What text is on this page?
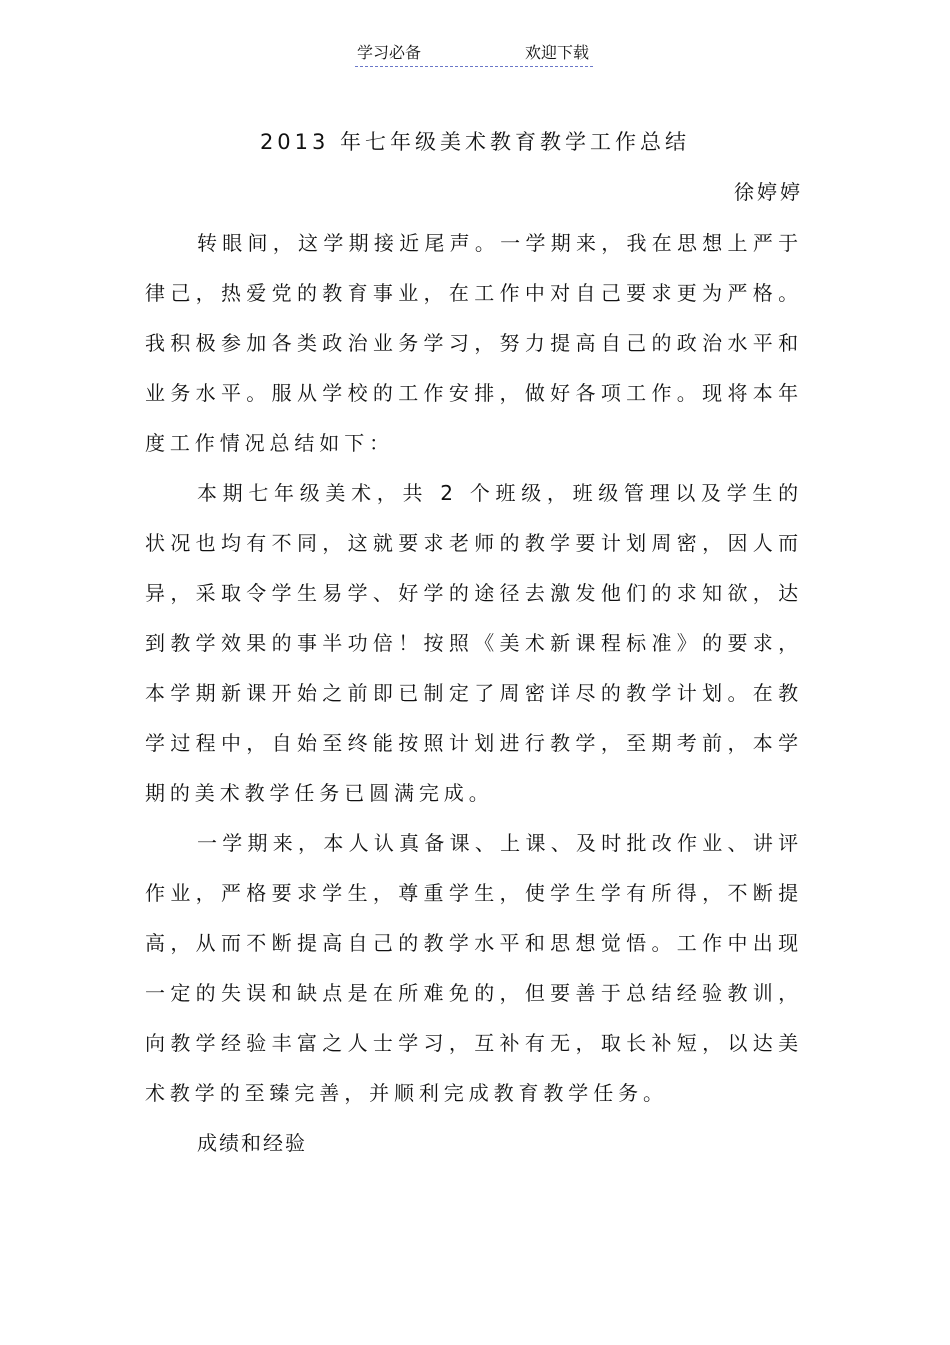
学习必备	欢迎下载
2013 年七年级美术教育教学工作总结
徐婷婷

转眼间，这学期接近尾声。一学期来，我在思想上严于律己，热爱党的教育事业，在工作中对自己要求更为严格。我积极参加各类政治业务学习，努力提高自己的政治水平和业务水平。服从学校的工作安排，做好各项工作。现将本年度工作情况总结如下：

本期七年级美术，共 2 个班级，班级管理以及学生的状况也均有不同，这就要求老师的教学要计划周密，因人而异，采取令学生易学、好学的途径去激发他们的求知欲，达到教学效果的事半功倍！按照《美术新课程标准》的要求，本学期新课开始之前即已制定了周密详尽的教学计划。在教学过程中，自始至终能按照计划进行教学，至期考前，本学期的美术教学任务已圆满完成。

一学期来，本人认真备课、上课、及时批改作业、讲评作业，严格要求学生，尊重学生，使学生学有所得，不断提高，从而不断提高自己的教学水平和思想觉悟。工作中出现一定的失误和缺点是在所难免的，但要善于总结经验教训，向教学经验丰富之人士学习，互补有无，取长补短，以达美术教学的至臻完善，并顺利完成教育教学任务。

成绩和经验
